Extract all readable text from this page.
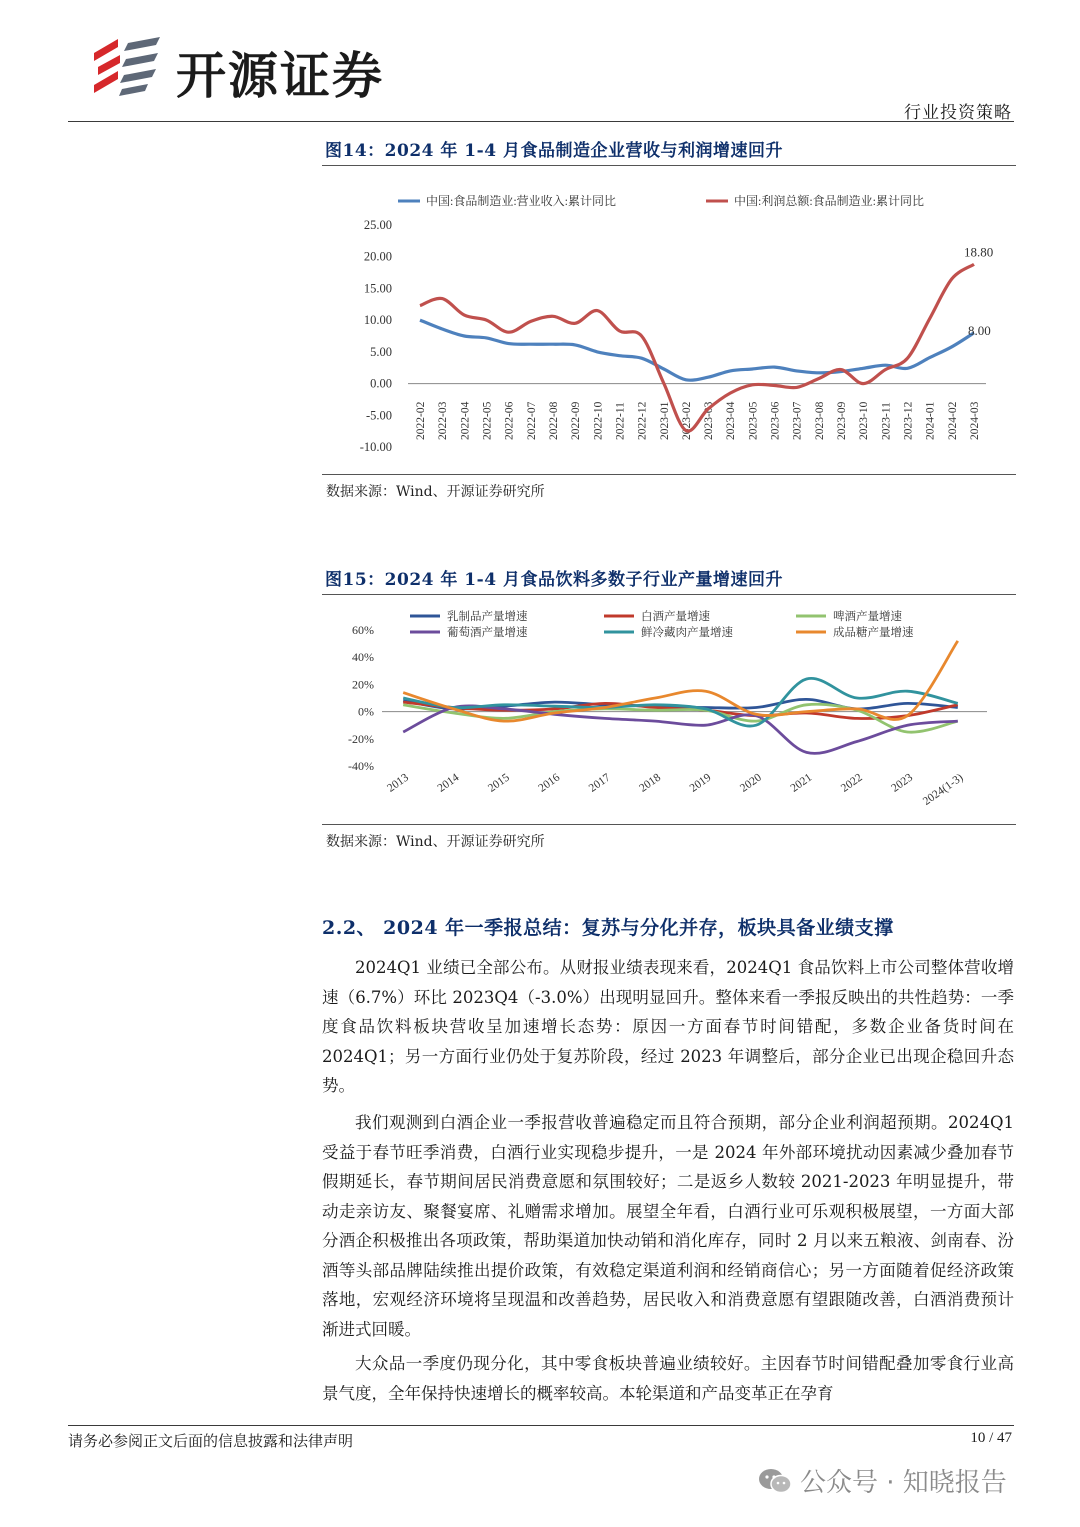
开源证券
行业投资策略
图14：2024 年 1-4 月食品制造企业营收与利润增速回升
中国:食品制造业:营业收入:累计同比	中国:利润总额:食品制造业:累计同比
25.00
20.00
15.00
10.00
5.00
0.00
-5.00
-10.00
2022-02 2022-03 2022-04 2022-05 2022-06 2022-07 2022-08 2022-09 2022-10 2022-11 2022-12 2023-01 2023-02 2023-03 2023-04 2023-05 2023-06 2023-07 2023-08 2023-09 2023-10 2023-11 2023-12 2024-01 2024-02 2024-03
18.80
8.00
数据来源：Wind、开源证券研究所
图15：2024 年 1-4 月食品饮料多数子行业产量增速回升
乳制品产量增速	白酒产量增速	啤酒产量增速
葡萄酒产量增速	鲜冷藏肉产量增速	成品糖产量增速
60%
40%
20%
0%
-20%
-40%
2013 2014 2015 2016 2017 2018 2019 2020 2021 2022 2023 2024(1-3)
数据来源：Wind、开源证券研究所
2.2、 2024 年一季报总结：复苏与分化并存，板块具备业绩支撑
2024Q1 业绩已全部公布。从财报业绩表现来看，2024Q1 食品饮料上市公司整体营收增速（6.7%）环比 2023Q4（-3.0%）出现明显回升。整体来看一季报反映出的共性趋势：一季度食品饮料板块营收呈加速增长态势：原因一方面春节时间错配，多数企业备货时间在 2024Q1；另一方面行业仍处于复苏阶段，经过 2023 年调整后，部分企业已出现企稳回升态势。
我们观测到白酒企业一季报营收普遍稳定而且符合预期，部分企业利润超预期。2024Q1 受益于春节旺季消费，白酒行业实现稳步提升，一是 2024 年外部环境扰动因素减少叠加春节假期延长，春节期间居民消费意愿和氛围较好；二是返乡人数较 2021-2023 年明显提升，带动走亲访友、聚餐宴席、礼赠需求增加。展望全年看，白酒行业可乐观积极展望，一方面大部分酒企积极推出各项政策，帮助渠道加快动销和消化库存，同时 2 月以来五粮液、剑南春、汾酒等头部品牌陆续推出提价政策，有效稳定渠道利润和经销商信心；另一方面随着促经济政策落地，宏观经济环境将呈现温和改善趋势，居民收入和消费意愿有望跟随改善，白酒消费预计渐进式回暖。
大众品一季度仍现分化，其中零食板块普遍业绩较好。主因春节时间错配叠加零食行业高景气度，全年保持快速增长的概率较高。本轮渠道和产品变革正在孕育
请务必参阅正文后面的信息披露和法律声明	10 / 47
公众号 · 知晓报告
